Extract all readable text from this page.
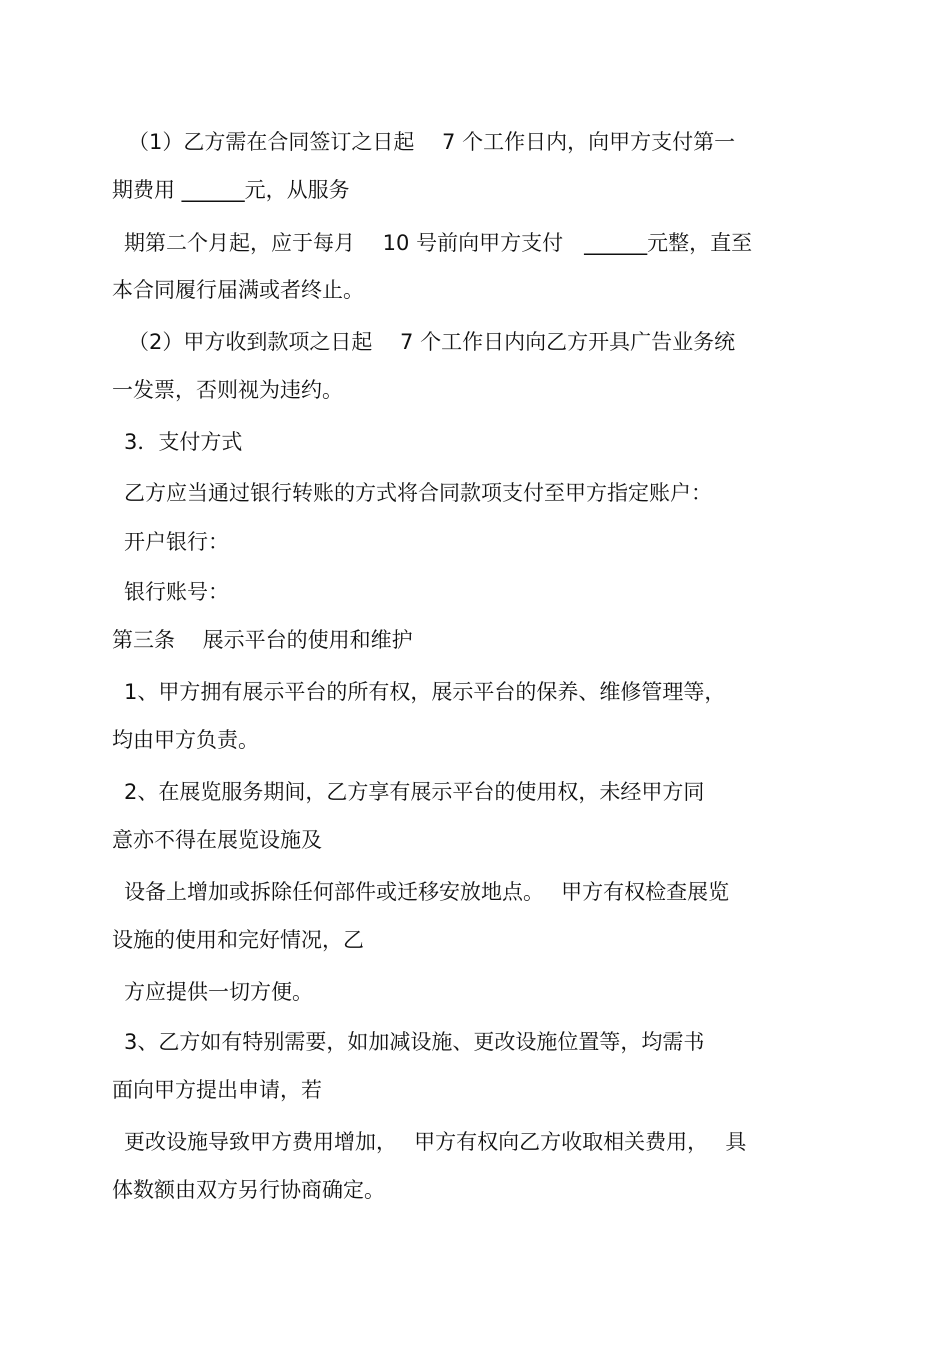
（1）乙方需在合同签订之日起　 7 个工作日内，向甲方支付第一
期费用 ______元，从服务
期第二个月起，应于每月　 10 号前向甲方支付　______元整，直至
本合同履行届满或者终止。
（2）甲方收到款项之日起　 7 个工作日内向乙方开具广告业务统
一发票，否则视为违约。
3．支付方式
乙方应当通过银行转账的方式将合同款项支付至甲方指定账户：
开户银行：
银行账号：
第三条　 展示平台的使用和维护
1、甲方拥有展示平台的所有权，展示平台的保养、维修管理等，
均由甲方负责。
2、在展览服务期间，乙方享有展示平台的使用权，未经甲方同
意亦不得在展览设施及
设备上增加或拆除任何部件或迁移安放地点。　 甲方有权检查展览
设施的使用和完好情况，乙
方应提供一切方便。
3、乙方如有特别需要，如加减设施、更改设施位置等，均需书
面向甲方提出申请，若
更改设施导致甲方费用增加，　 甲方有权向乙方收取相关费用，　 具
体数额由双方另行协商确定。
